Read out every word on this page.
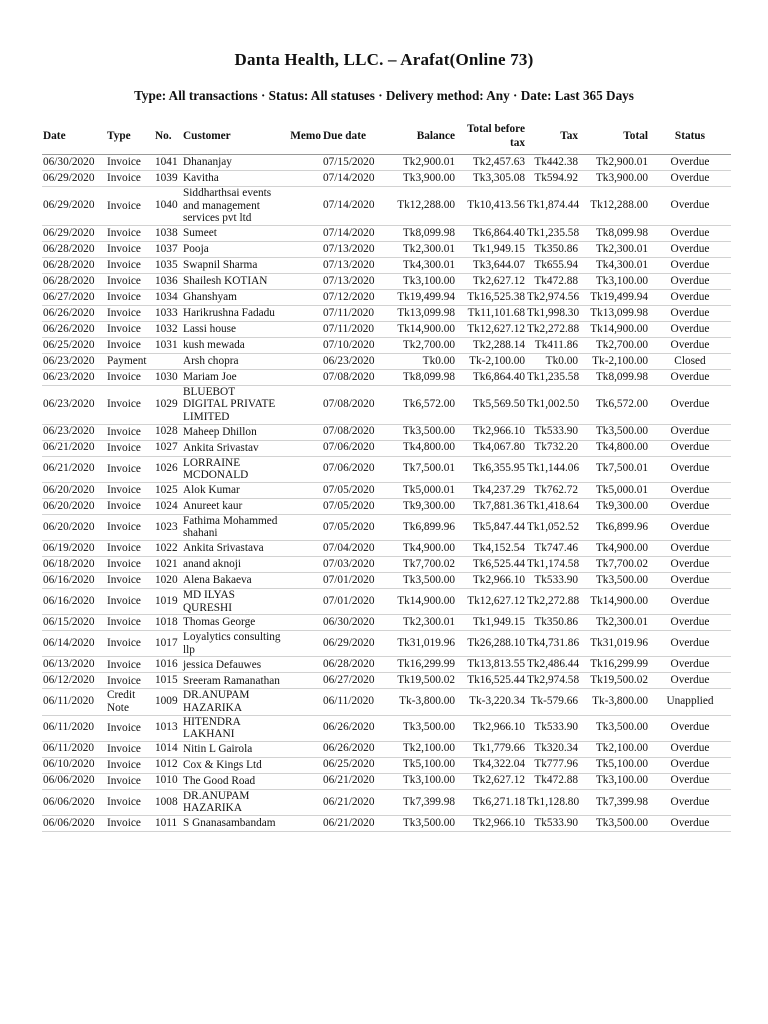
Danta Health, LLC. – Arafat(Online 73)
Type: All transactions · Status: All statuses · Delivery method: Any · Date: Last 365 Days
Date	Type	No.	Customer	Memo	Due date	Balance	Total before tax	Tax	Total	Status
06/30/2020	Invoice	1041	Dhananjay		07/15/2020	Tk2,900.01	Tk2,457.63	Tk442.38	Tk2,900.01	Overdue
06/29/2020	Invoice	1039	Kavitha		07/14/2020	Tk3,900.00	Tk3,305.08	Tk594.92	Tk3,900.00	Overdue
06/29/2020	Invoice	1040	Siddharthsai events and management services pvt ltd		07/14/2020	Tk12,288.00	Tk10,413.56	Tk1,874.44	Tk12,288.00	Overdue
06/29/2020	Invoice	1038	Sumeet		07/14/2020	Tk8,099.98	Tk6,864.40	Tk1,235.58	Tk8,099.98	Overdue
06/28/2020	Invoice	1037	Pooja		07/13/2020	Tk2,300.01	Tk1,949.15	Tk350.86	Tk2,300.01	Overdue
06/28/2020	Invoice	1035	Swapnil Sharma		07/13/2020	Tk4,300.01	Tk3,644.07	Tk655.94	Tk4,300.01	Overdue
06/28/2020	Invoice	1036	Shailesh KOTIAN		07/13/2020	Tk3,100.00	Tk2,627.12	Tk472.88	Tk3,100.00	Overdue
06/27/2020	Invoice	1034	Ghanshyam		07/12/2020	Tk19,499.94	Tk16,525.38	Tk2,974.56	Tk19,499.94	Overdue
06/26/2020	Invoice	1033	Harikrushna Fadadu		07/11/2020	Tk13,099.98	Tk11,101.68	Tk1,998.30	Tk13,099.98	Overdue
06/26/2020	Invoice	1032	Lassi house		07/11/2020	Tk14,900.00	Tk12,627.12	Tk2,272.88	Tk14,900.00	Overdue
06/25/2020	Invoice	1031	kush mewada		07/10/2020	Tk2,700.00	Tk2,288.14	Tk411.86	Tk2,700.00	Overdue
06/23/2020	Payment		Arsh chopra		06/23/2020	Tk0.00	Tk-2,100.00	Tk0.00	Tk-2,100.00	Closed
06/23/2020	Invoice	1030	Mariam Joe		07/08/2020	Tk8,099.98	Tk6,864.40	Tk1,235.58	Tk8,099.98	Overdue
06/23/2020	Invoice	1029	BLUEBOT DIGITAL PRIVATE LIMITED		07/08/2020	Tk6,572.00	Tk5,569.50	Tk1,002.50	Tk6,572.00	Overdue
06/23/2020	Invoice	1028	Maheep Dhillon		07/08/2020	Tk3,500.00	Tk2,966.10	Tk533.90	Tk3,500.00	Overdue
06/21/2020	Invoice	1027	Ankita Srivastav		07/06/2020	Tk4,800.00	Tk4,067.80	Tk732.20	Tk4,800.00	Overdue
06/21/2020	Invoice	1026	LORRAINE MCDONALD		07/06/2020	Tk7,500.01	Tk6,355.95	Tk1,144.06	Tk7,500.01	Overdue
06/20/2020	Invoice	1025	Alok Kumar		07/05/2020	Tk5,000.01	Tk4,237.29	Tk762.72	Tk5,000.01	Overdue
06/20/2020	Invoice	1024	Anureet kaur		07/05/2020	Tk9,300.00	Tk7,881.36	Tk1,418.64	Tk9,300.00	Overdue
06/20/2020	Invoice	1023	Fathima Mohammed shahani		07/05/2020	Tk6,899.96	Tk5,847.44	Tk1,052.52	Tk6,899.96	Overdue
06/19/2020	Invoice	1022	Ankita Srivastava		07/04/2020	Tk4,900.00	Tk4,152.54	Tk747.46	Tk4,900.00	Overdue
06/18/2020	Invoice	1021	anand aknoji		07/03/2020	Tk7,700.02	Tk6,525.44	Tk1,174.58	Tk7,700.02	Overdue
06/16/2020	Invoice	1020	Alena Bakaeva		07/01/2020	Tk3,500.00	Tk2,966.10	Tk533.90	Tk3,500.00	Overdue
06/16/2020	Invoice	1019	MD ILYAS QURESHI		07/01/2020	Tk14,900.00	Tk12,627.12	Tk2,272.88	Tk14,900.00	Overdue
06/15/2020	Invoice	1018	Thomas George		06/30/2020	Tk2,300.01	Tk1,949.15	Tk350.86	Tk2,300.01	Overdue
06/14/2020	Invoice	1017	Loyalytics consulting llp		06/29/2020	Tk31,019.96	Tk26,288.10	Tk4,731.86	Tk31,019.96	Overdue
06/13/2020	Invoice	1016	jessica Defauwes		06/28/2020	Tk16,299.99	Tk13,813.55	Tk2,486.44	Tk16,299.99	Overdue
06/12/2020	Invoice	1015	Sreeram Ramanathan		06/27/2020	Tk19,500.02	Tk16,525.44	Tk2,974.58	Tk19,500.02	Overdue
06/11/2020	Credit Note	1009	DR.ANUPAM HAZARIKA		06/11/2020	Tk-3,800.00	Tk-3,220.34	Tk-579.66	Tk-3,800.00	Unapplied
06/11/2020	Invoice	1013	HITENDRA LAKHANI		06/26/2020	Tk3,500.00	Tk2,966.10	Tk533.90	Tk3,500.00	Overdue
06/11/2020	Invoice	1014	Nitin L Gairola		06/26/2020	Tk2,100.00	Tk1,779.66	Tk320.34	Tk2,100.00	Overdue
06/10/2020	Invoice	1012	Cox & Kings Ltd		06/25/2020	Tk5,100.00	Tk4,322.04	Tk777.96	Tk5,100.00	Overdue
06/06/2020	Invoice	1010	The Good Road		06/21/2020	Tk3,100.00	Tk2,627.12	Tk472.88	Tk3,100.00	Overdue
06/06/2020	Invoice	1008	DR.ANUPAM HAZARIKA		06/21/2020	Tk7,399.98	Tk6,271.18	Tk1,128.80	Tk7,399.98	Overdue
06/06/2020	Invoice	1011	S Gnanasambandam		06/21/2020	Tk3,500.00	Tk2,966.10	Tk533.90	Tk3,500.00	Overdue
